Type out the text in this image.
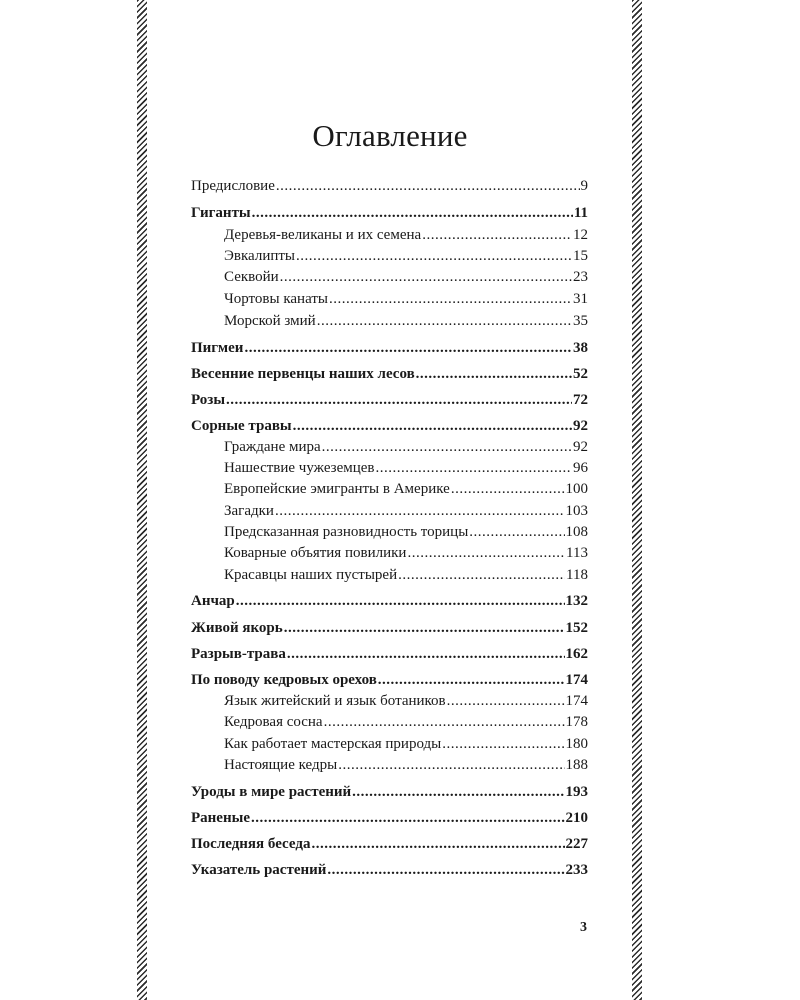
Оглавление
Предисловие .....	9
Гиганты .....	11
Деревья-великаны и их семена .....	12
Эвкалипты .....	15
Секвойи .....	23
Чортовы канаты .....	31
Морской змий .....	35
Пигмеи .....	38
Весенние первенцы наших лесов .....	52
Розы .....	72
Сорные травы .....	92
Граждане мира .....	92
Нашествие чужеземцев .....	96
Европейские эмигранты в Америке .....	100
Загадки .....	103
Предсказанная разновидность торицы .....	108
Коварные объятия повилики .....	113
Красавцы наших пустырей .....	118
Анчар .....	132
Живой якорь .....	152
Разрыв-трава .....	162
По поводу кедровых орехов .....	174
Язык житейский и язык ботаников .....	174
Кедровая сосна .....	178
Как работает мастерская природы .....	180
Настоящие кедры .....	188
Уроды в мире растений .....	193
Раненые .....	210
Последняя беседа .....	227
Указатель растений .....	233
3
